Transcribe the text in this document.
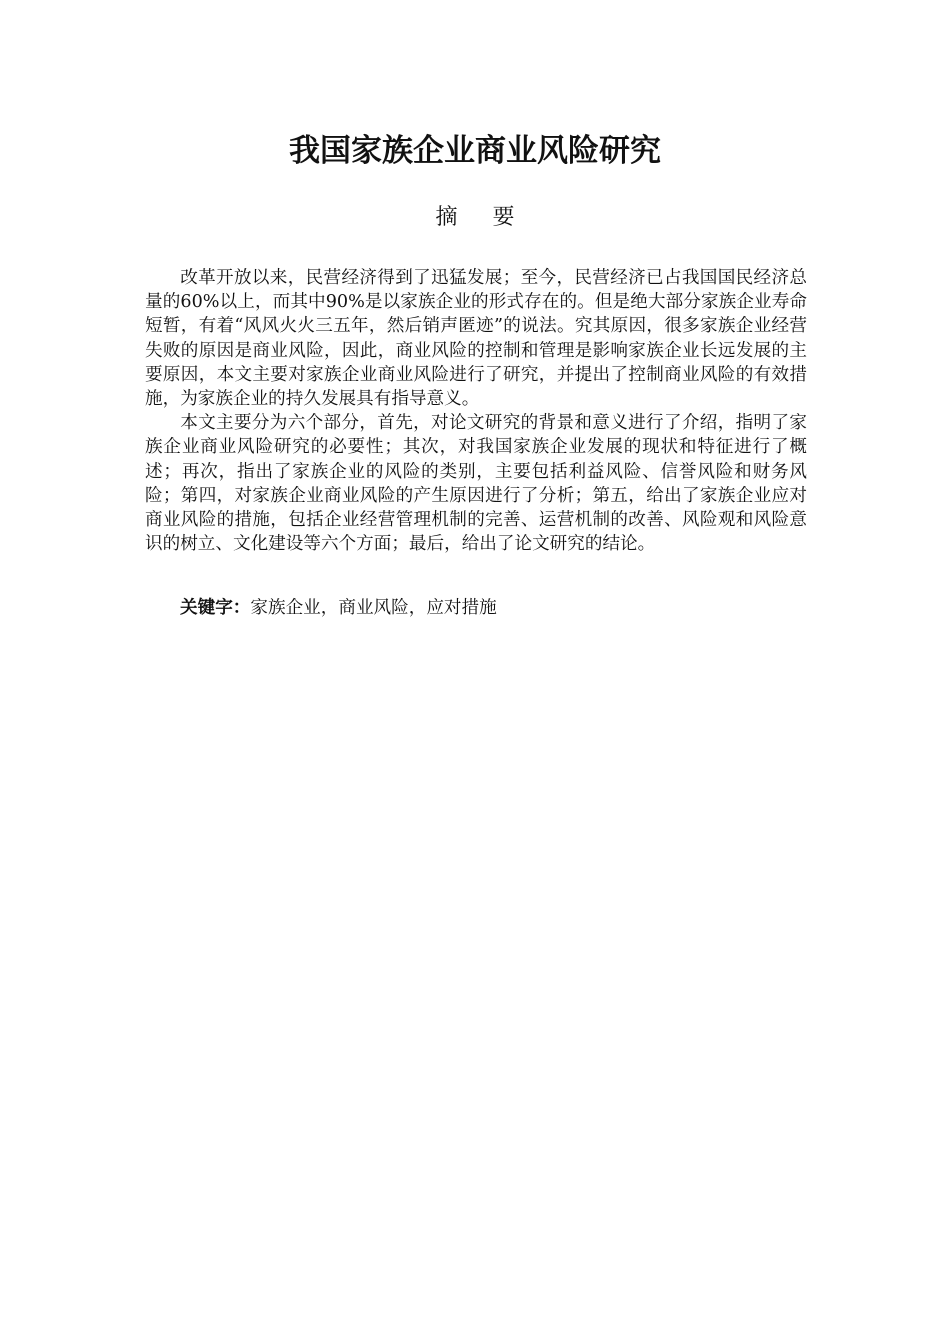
我国家族企业商业风险研究
摘 要

改革开放以来，民营经济得到了迅猛发展；至今，民营经济已占我国国民经济总量的60%以上，而其中90%是以家族企业的形式存在的。但是绝大部分家族企业寿命短暂，有着“风风火火三五年，然后销声匿迹”的说法。究其原因，很多家族企业经营失败的原因是商业风险，因此，商业风险的控制和管理是影响家族企业长远发展的主要原因，本文主要对家族企业商业风险进行了研究，并提出了控制商业风险的有效措施，为家族企业的持久发展具有指导意义。

本文主要分为六个部分，首先，对论文研究的背景和意义进行了介绍，指明了家族企业商业风险研究的必要性；其次，对我国家族企业发展的现状和特征进行了概述；再次，指出了家族企业的风险的类别，主要包括利益风险、信誉风险和财务风险；第四，对家族企业商业风险的产生原因进行了分析；第五，给出了家族企业应对商业风险的措施，包括企业经营管理机制的完善、运营机制的改善、风险观和风险意识的树立、文化建设等六个方面；最后，给出了论文研究的结论。

关键字：家族企业，商业风险，应对措施
